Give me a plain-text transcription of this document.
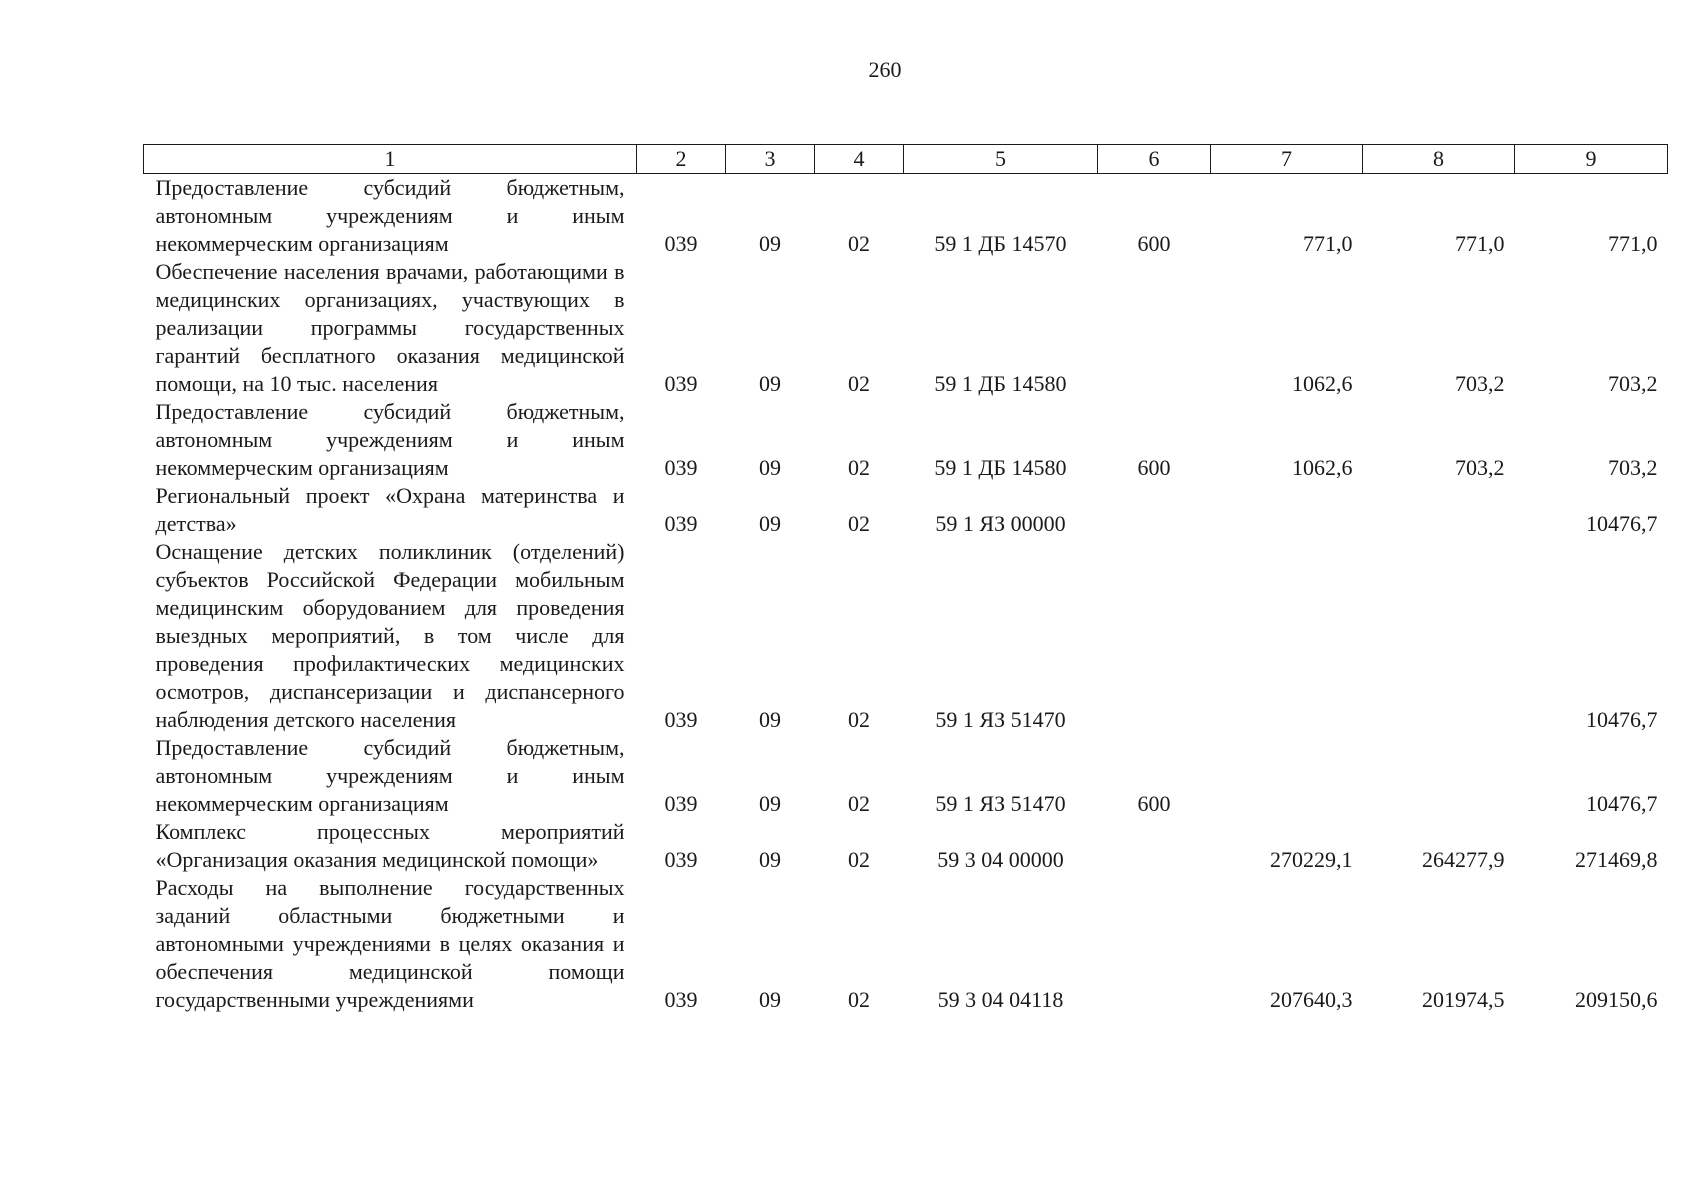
260
1	2	3	4	5	6	7	8	9
Предоставление субсидий бюджетным, автономным учреждениям и иным некоммерческим организациям	039	09	02	59 1 ДБ 14570	600	771,0	771,0	771,0
Обеспечение населения врачами, работающими в медицинских организациях, участвующих в реализации программы государственных гарантий бесплатного оказания медицинской помощи, на 10 тыс. населения	039	09	02	59 1 ДБ 14580		1062,6	703,2	703,2
Предоставление субсидий бюджетным, автономным учреждениям и иным некоммерческим организациям	039	09	02	59 1 ДБ 14580	600	1062,6	703,2	703,2
Региональный проект «Охрана материнства и детства»	039	09	02	59 1 ЯЗ 00000				10476,7
Оснащение детских поликлиник (отделений) субъектов Российской Федерации мобильным медицинским оборудованием для проведения выездных мероприятий, в том числе для проведения профилактических медицинских осмотров, диспансеризации и диспансерного наблюдения детского населения	039	09	02	59 1 ЯЗ 51470				10476,7
Предоставление субсидий бюджетным, автономным учреждениям и иным некоммерческим организациям	039	09	02	59 1 ЯЗ 51470	600			10476,7
Комплекс процессных мероприятий «Организация оказания медицинской помощи»	039	09	02	59 3 04 00000		270229,1	264277,9	271469,8
Расходы на выполнение государственных заданий областными бюджетными и автономными учреждениями в целях оказания и обеспечения медицинской помощи государственными учреждениями	039	09	02	59 3 04 04118		207640,3	201974,5	209150,6
